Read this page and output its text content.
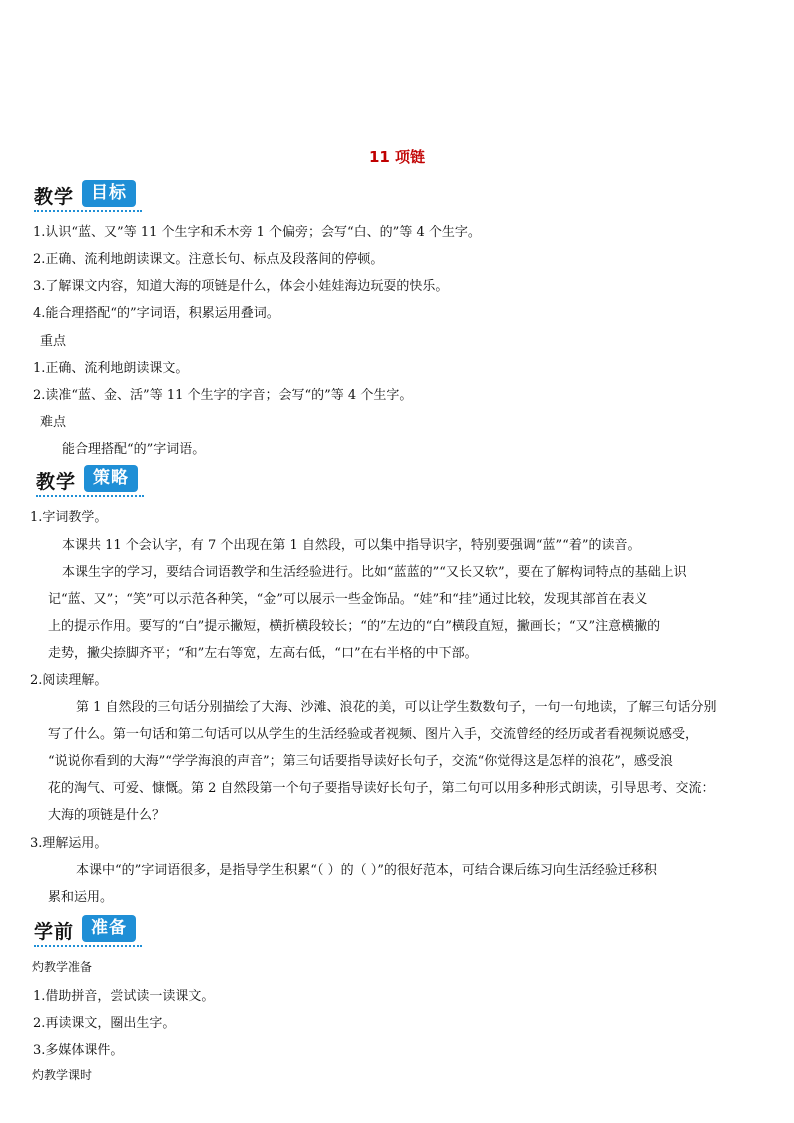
11 项链
教学 目标
1.认识“蓝、又”等 11 个生字和禾木旁 1 个偏旁；会写“白、的”等 4 个生字。
2.正确、流利地朗读课文。注意长句、标点及段落间的停顿。
3.了解课文内容，知道大海的项链是什么，体会小娃娃海边玩耍的快乐。
4.能合理搭配“的”字词语，积累运用叠词。
重点
1.正确、流利地朗读课文。
2.读准“蓝、金、活”等 11 个生字的字音；会写“的”等 4 个生字。
难点
能合理搭配“的”字词语。
教学 策略
1.字词教学。
本课共 11 个会认字，有 7 个出现在第 1 自然段，可以集中指导识字，特别要强调“蓝”“着”的读音。
本课生字的学习，要结合词语教学和生活经验进行。比如“蓝蓝的”“又长又软”，要在了解构词特点的基础上识
记“蓝、又”；“笑”可以示范各种笑，“金”可以展示一些金饰品。“娃”和“挂”通过比较，发现其部首在表义
上的提示作用。要写的“白”提示撇短，横折横段较长；“的”左边的“白”横段直短，撇画长；“又”注意横撇的
走势，撇尖捺脚齐平；“和”左右等宽，左高右低，“口”在右半格的中下部。
2.阅读理解。
第 1 自然段的三句话分别描绘了大海、沙滩、浪花的美，可以让学生数数句子，一句一句地读，了解三句话分别
写了什么。第一句话和第二句话可以从学生的生活经验或者视频、图片入手，交流曾经的经历或者看视频说感受，
“说说你看到的大海”“学学海浪的声音”；第三句话要指导读好长句子，交流“你觉得这是怎样的浪花”，感受浪
花的淘气、可爱、慷慨。第 2 自然段第一个句子要指导读好长句子，第二句可以用多种形式朗读，引导思考、交流：
大海的项链是什么？
3.理解运用。
本课中“的”字词语很多，是指导学生积累“（ ）的（ ）”的很好范本，可结合课后练习向生活经验迁移积
累和运用。
学前 准备
灼教学准备
1.借助拼音，尝试读一读课文。
2.再读课文，圈出生字。
3.多媒体课件。
灼教学课时
